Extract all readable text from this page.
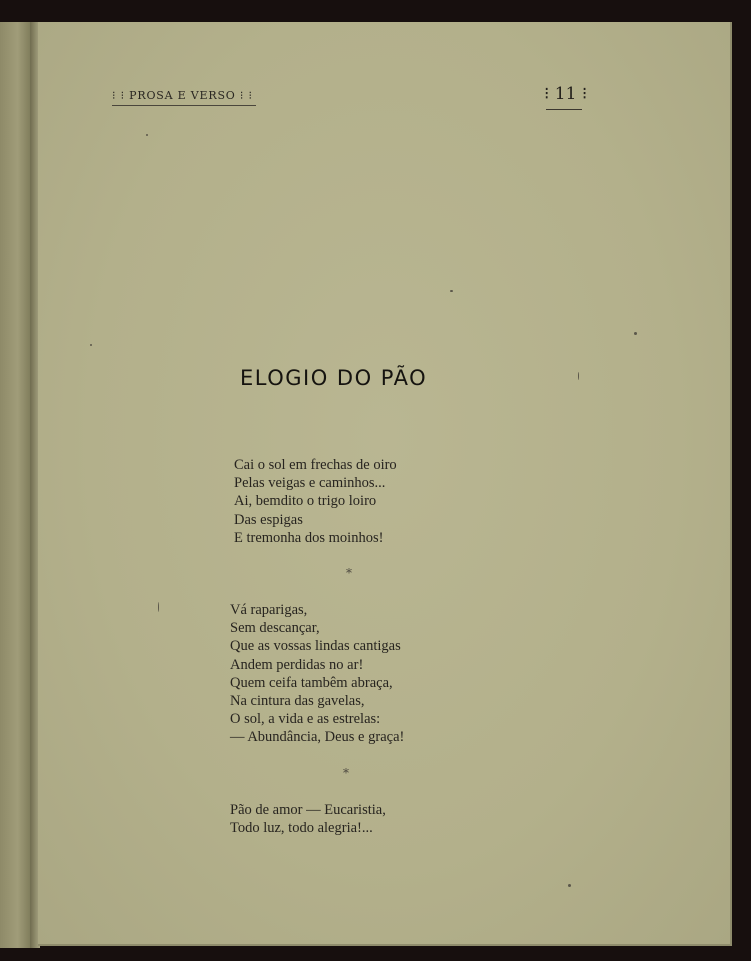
⁝ ⁝ PROSA E VERSO ⁝ ⁝	⁝ 11 ⁝
ELOGIO DO PÃO
Cai o sol em frechas de oiro
Pelas veigas e caminhos...
Ai, bemdito o trigo loiro
Das espigas
E tremonha dos moinhos!
*
Vá raparigas,
Sem descançar,
Que as vossas lindas cantigas
Andem perdidas no ar!
Quem ceifa tambêm abraça,
Na cintura das gavelas,
O sol, a vida e as estrelas:
— Abundância, Deus e graça!
*
Pão de amor — Eucaristia,
Todo luz, todo alegria!...
